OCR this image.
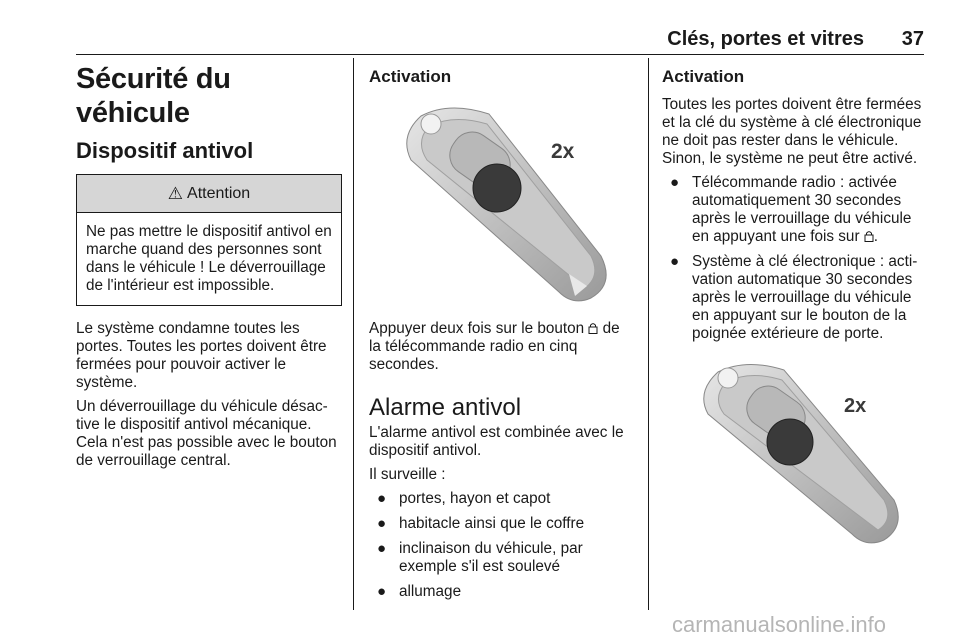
Clés, portes et vitres 37
Sécurité du véhicule
Dispositif antivol
⚠ Attention

Ne pas mettre le dispositif antivol en marche quand des personnes sont dans le véhicule ! Le déverrouillage de l'intérieur est impossible.

Le système condamne toutes les portes. Toutes les portes doivent être fermées pour pouvoir activer le système.

Un déverrouillage du véhicule désactive le dispositif antivol mécanique. Cela n'est pas possible avec le bouton de verrouillage central.

Activation
2x

Appuyer deux fois sur le bouton  de la télécommande radio en cinq secondes.

Alarme antivol

L'alarme antivol est combinée avec le dispositif antivol.

Il surveille :

● portes, hayon et capot
● habitacle ainsi que le coffre
● inclinaison du véhicule, par exemple s'il est soulevé
● allumage
Activation

Toutes les portes doivent être fermées et la clé du système à clé électronique ne doit pas rester dans le véhicule. Sinon, le système ne peut être activé.

● Télécommande radio : activée automatiquement 30 secondes après le verrouillage du véhicule en appuyant une fois sur .
● Système à clé électronique : activation automatique 30 secondes après le verrouillage du véhicule en appuyant sur le bouton de la poignée extérieure de porte.
2x
carmanualsonline.info
